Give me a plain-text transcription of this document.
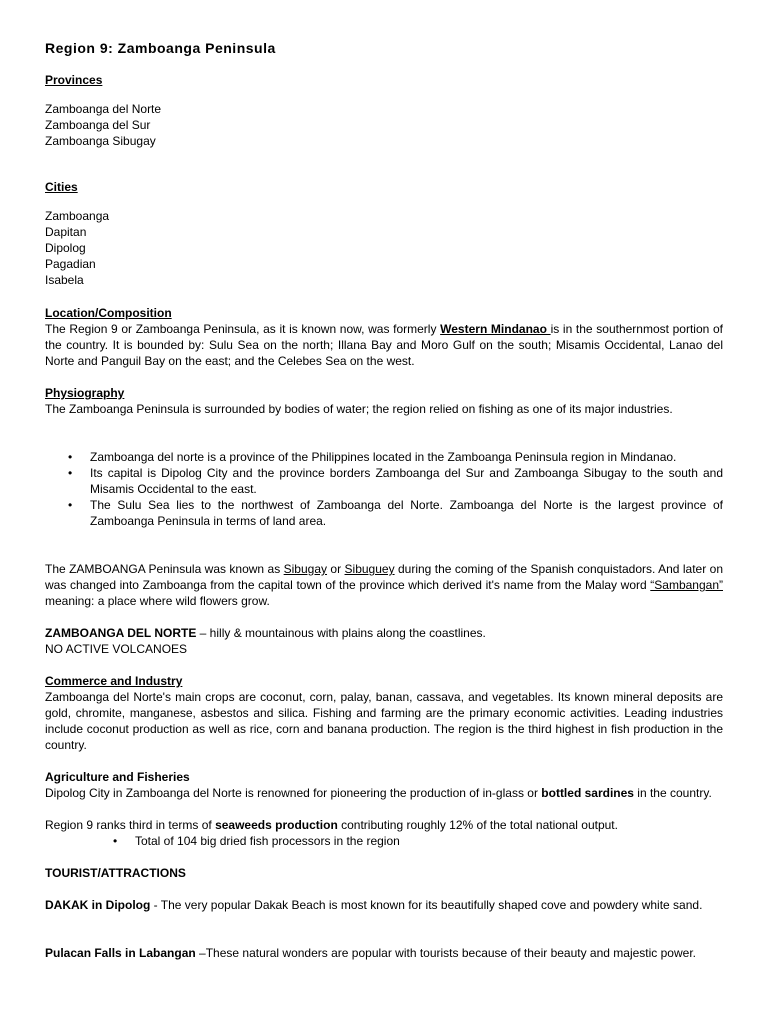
Region 9: Zamboanga Peninsula
Provinces
Zamboanga del Norte
Zamboanga del Sur
Zamboanga Sibugay
Cities
Zamboanga
Dapitan
Dipolog
Pagadian
Isabela
Location/Composition
The Region 9 or Zamboanga Peninsula, as it is known now, was formerly Western Mindanao is in the southernmost portion of the country. It is bounded by: Sulu Sea on the north; Illana Bay and Moro Gulf on the south; Misamis Occidental, Lanao del Norte and Panguil Bay on the east; and the Celebes Sea on the west.
Physiography
The Zamboanga Peninsula is surrounded by bodies of water; the region relied on fishing as one of its major industries.
• Zamboanga del norte is a province of the Philippines located in the Zamboanga Peninsula region in Mindanao.
• Its capital is Dipolog City and the province borders Zamboanga del Sur and Zamboanga Sibugay to the south and Misamis Occidental to the east.
• The Sulu Sea lies to the northwest of Zamboanga del Norte. Zamboanga del Norte is the largest province of Zamboanga Peninsula in terms of land area.
The ZAMBOANGA Peninsula was known as Sibugay or Sibuguey during the coming of the Spanish conquistadors. And later on was changed into Zamboanga from the capital town of the province which derived it's name from the Malay word “Sambangan” meaning: a place where wild flowers grow.
ZAMBOANGA DEL NORTE – hilly & mountainous with plains along the coastlines.
NO ACTIVE VOLCANOES
Commerce and Industry
Zamboanga del Norte's main crops are coconut, corn, palay, banan, cassava, and vegetables. Its known mineral deposits are gold, chromite, manganese, asbestos and silica. Fishing and farming are the primary economic activities. Leading industries include coconut production as well as rice, corn and banana production. The region is the third highest in fish production in the country.
Agriculture and Fisheries
Dipolog City in Zamboanga del Norte is renowned for pioneering the production of in-glass or bottled sardines in the country.
Region 9 ranks third in terms of seaweeds production contributing roughly 12% of the total national output.
• Total of 104 big dried fish processors in the region
TOURIST/ATTRACTIONS
DAKAK in Dipolog - The very popular Dakak Beach is most known for its beautifully shaped cove and powdery white sand.
Pulacan Falls in Labangan –These natural wonders are popular with tourists because of their beauty and majestic power.
